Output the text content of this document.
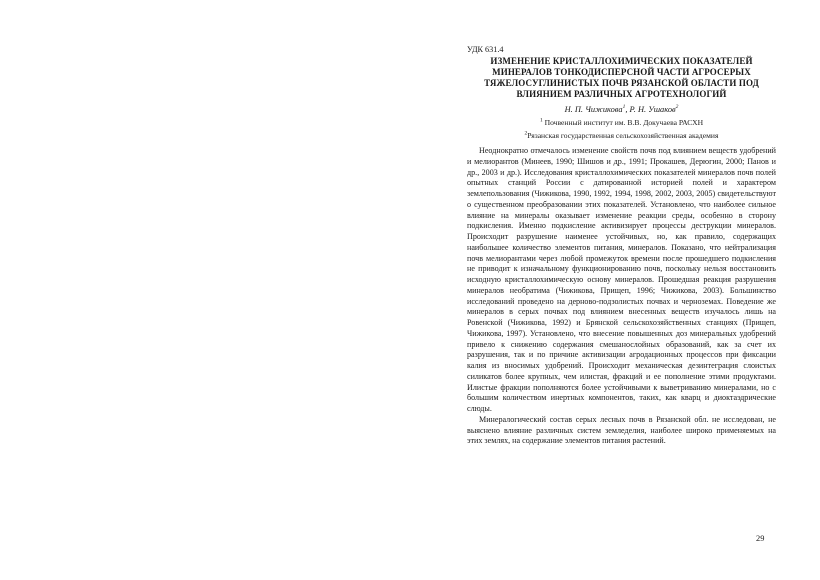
УДК 631.4
ИЗМЕНЕНИЕ КРИСТАЛЛОХИМИЧЕСКИХ ПОКАЗАТЕЛЕЙ
МИНЕРАЛОВ ТОНКОДИСПЕРСНОЙ ЧАСТИ АГРОСЕРЫХ
ТЯЖЕЛОСУГЛИНИСТЫХ ПОЧВ РЯЗАНСКОЙ ОБЛАСТИ ПОД
ВЛИЯНИЕМ РАЗЛИЧНЫХ АГРОТЕХНОЛОГИЙ
Н. П. Чижикова$^1$, Р. Н. Ушаков$^2$
$^1$ Почвенный институт им. В.В. Докучаева РАСХН
$^2$Рязанская государственная сельскохозяйственная академия

Неоднократно отмечалось изменение свойств почв под влиянием веществ удобрений и мелиорантов (Минеев, 1990; Шишов и др., 1991; Прокашев, Дерюгин, 2000; Панов и др., 2003 и др.). Исследования кристаллохимических показателей минералов почв полей опытных станций России с датированной историей полей и характером землепользования (Чижикова, 1990, 1992, 1994, 1998, 2002, 2003, 2005) свидетельствуют о существенном преобразовании этих показателей. Установлено, что наиболее сильное влияние на минералы оказывает изменение реакции среды, особенно в сторону подкисления. Именно подкисление активизирует процессы деструкции минералов. Происходит разрушение наименее устойчивых, но, как правило, содержащих наибольшее количество элементов питания, минералов. Показано, что нейтрализация почв мелиорантами через любой промежуток времени после прошедшего подкисления не приводит к изначальному функционированию почв, поскольку нельзя восстановить исходную кристаллохимическую основу минералов. Прошедшая реакция разрушения минералов необратима (Чижикова, Прищеп, 1996; Чижикова, 2003). Большинство исследований проведено на дерново-подзолистых почвах и черноземах. Поведение же минералов в серых почвах под влиянием внесенных веществ изучалось лишь на Ровенской (Чижикова, 1992) и Брянской сельскохозяйственных станциях (Прищеп, Чижикова, 1997). Установлено, что внесение повышенных доз минеральных удобрений привело к снижению содержания смешанослойных образований, как за счет их разрушения, так и по причине активизации агродационных процессов при фиксации калия из вносимых удобрений. Происходит механическая дезинтеграция слоистых силикатов более крупных, чем илистая, фракций и ее пополнение этими продуктами. Илистые фракции пополняются более устойчивыми к выветриванию минералами, но с большим количеством инертных компонентов, таких, как кварц и диоктаэдрические слюды.

Минералогический состав серых лесных почв в Рязанской обл. не исследован, не выяснено влияние различных систем земледелия, наиболее широко применяемых на этих землях, на содержание элементов питания растений.

29
